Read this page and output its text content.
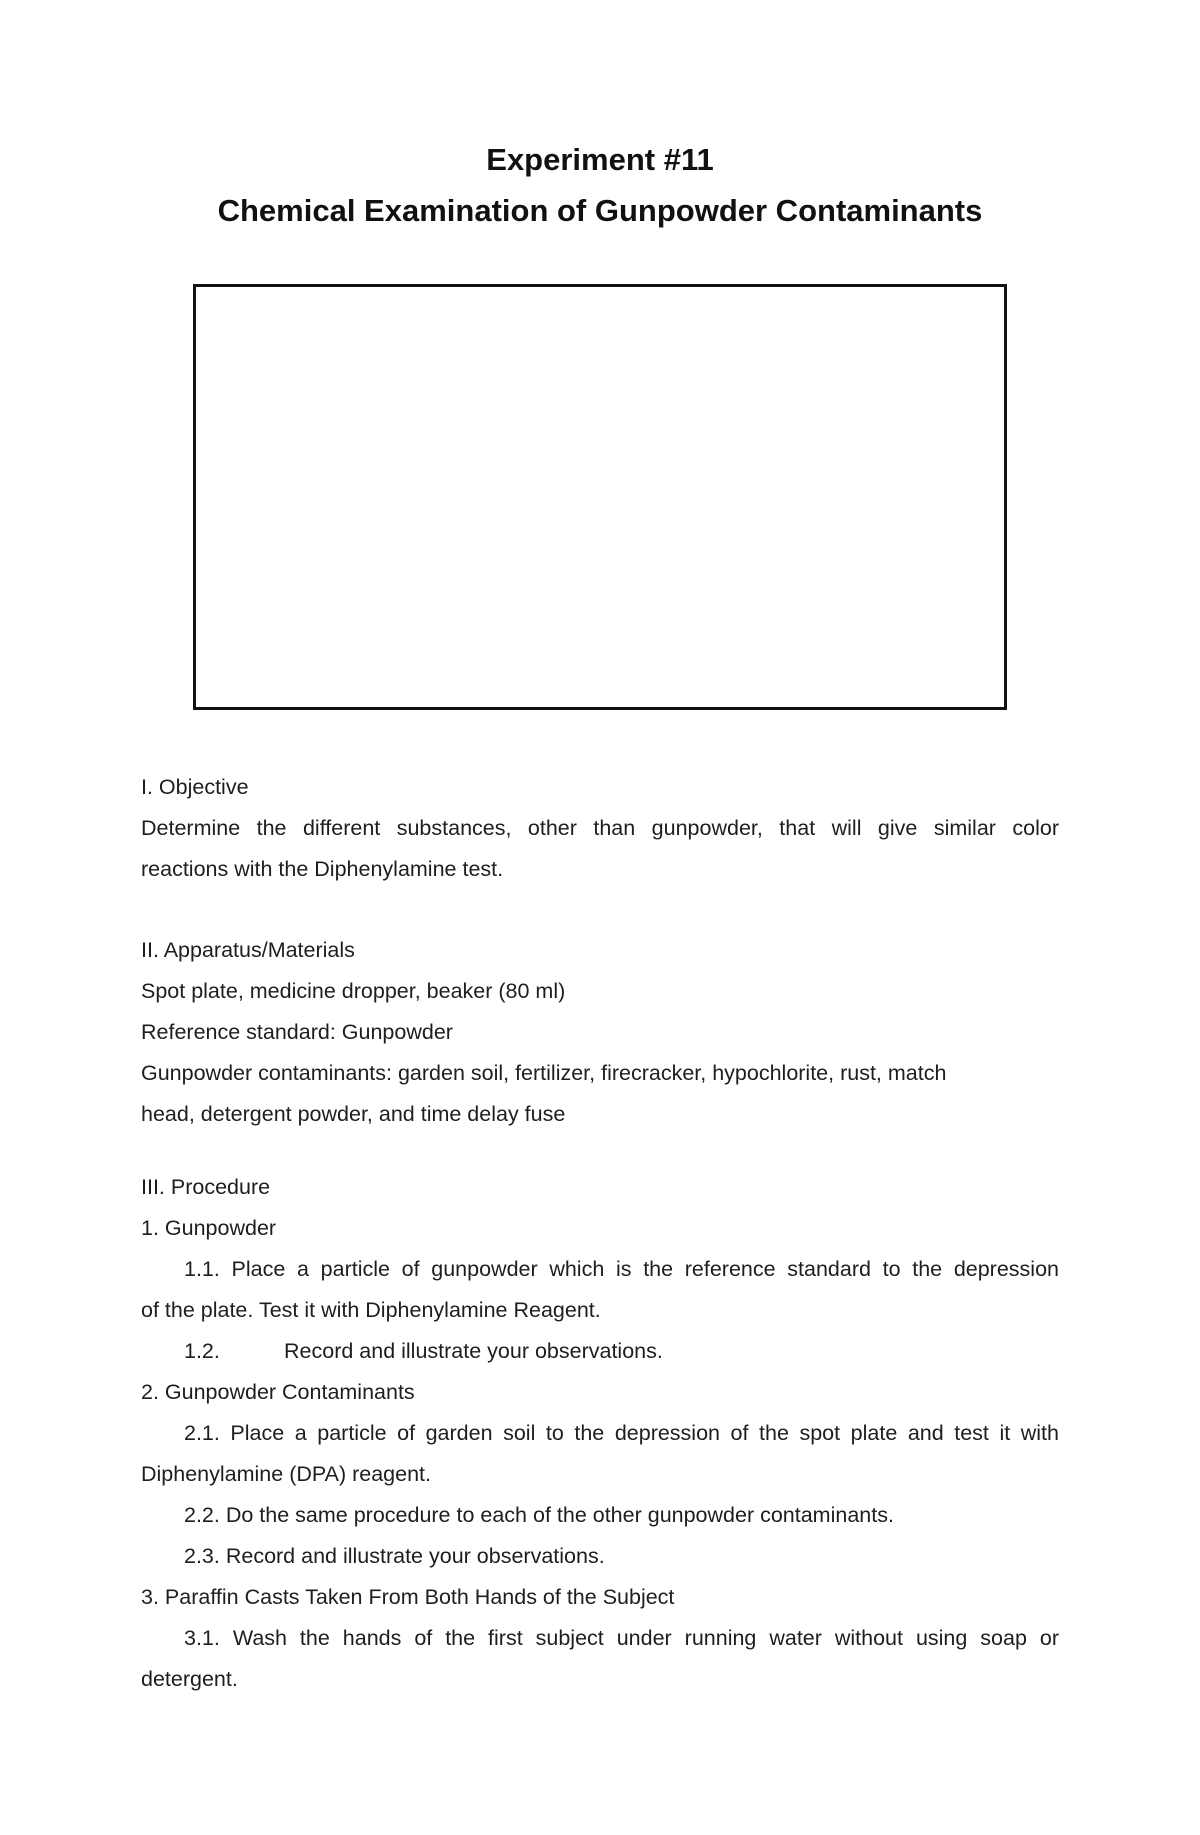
Experiment #11
Chemical Examination of Gunpowder Contaminants
I. Objective
Determine the different substances, other than gunpowder, that will give similar color
reactions with the Diphenylamine test.
II. Apparatus/Materials
Spot plate, medicine dropper, beaker (80 ml)
Reference standard: Gunpowder
Gunpowder contaminants: garden soil, fertilizer, firecracker, hypochlorite, rust, match
head, detergent powder, and time delay fuse
III. Procedure
1. Gunpowder
1.1. Place a particle of gunpowder which is the reference standard to the depression
of the plate. Test it with Diphenylamine Reagent.
1.2.	Record and illustrate your observations.
2. Gunpowder Contaminants
2.1. Place a particle of garden soil to the depression of the spot plate and test it with
Diphenylamine (DPA) reagent.
2.2. Do the same procedure to each of the other gunpowder contaminants.
2.3. Record and illustrate your observations.
3. Paraffin Casts Taken From Both Hands of the Subject
3.1. Wash the hands of the first subject under running water without using soap or
detergent.
